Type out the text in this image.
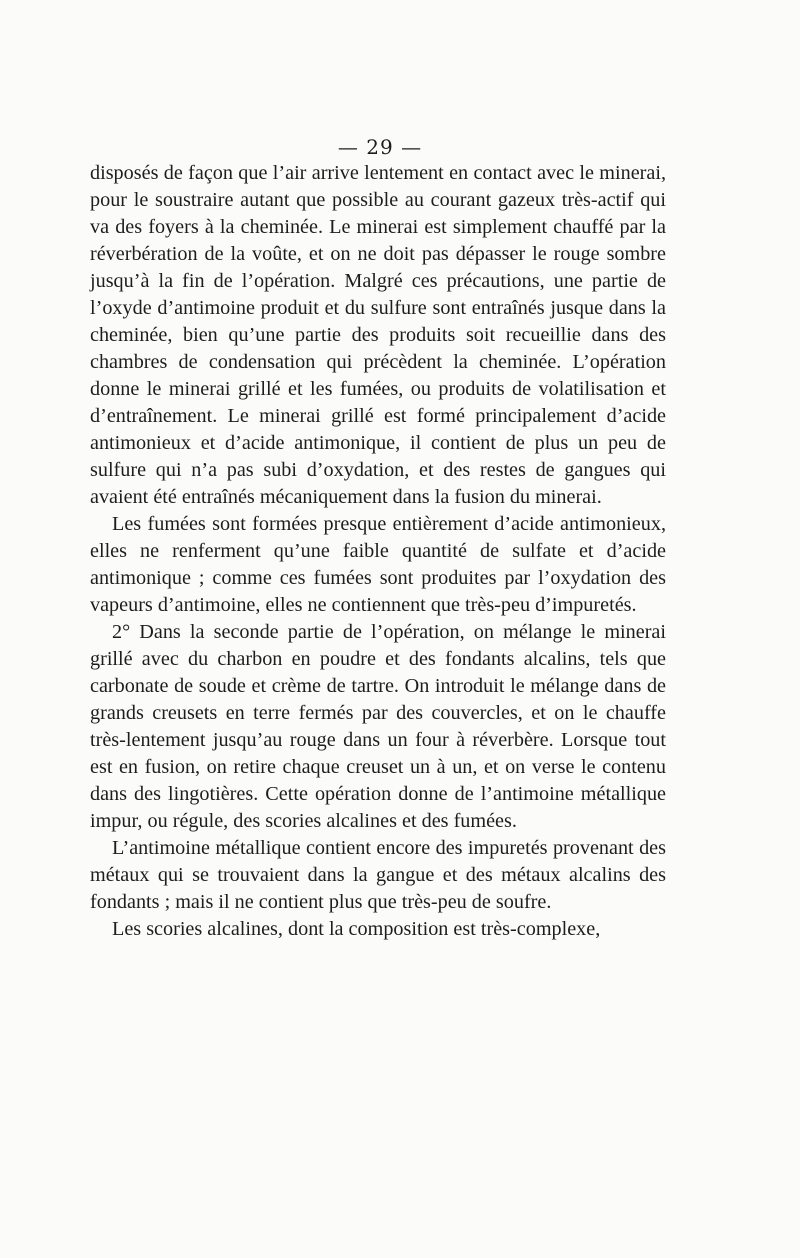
— 29 —

disposés de façon que l’air arrive lentement en contact avec le minerai, pour le soustraire autant que possible au courant gazeux très-actif qui va des foyers à la cheminée. Le minerai est simplement chauffé par la réverbération de la voûte, et on ne doit pas dépasser le rouge sombre jusqu’à la fin de l’opération. Malgré ces précautions, une partie de l’oxyde d’antimoine produit et du sulfure sont entraînés jusque dans la cheminée, bien qu’une partie des produits soit recueillie dans des chambres de condensation qui précèdent la cheminée. L’opération donne le minerai grillé et les fumées, ou produits de volatilisation et d’entraînement. Le minerai grillé est formé principalement d’acide antimonieux et d’acide antimonique, il contient de plus un peu de sulfure qui n’a pas subi d’oxydation, et des restes de gangues qui avaient été entraînés mécaniquement dans la fusion du minerai.

Les fumées sont formées presque entièrement d’acide antimonieux, elles ne renferment qu’une faible quantité de sulfate et d’acide antimonique ; comme ces fumées sont produites par l’oxydation des vapeurs d’antimoine, elles ne contiennent que très-peu d’impuretés.

2° Dans la seconde partie de l’opération, on mélange le minerai grillé avec du charbon en poudre et des fondants alcalins, tels que carbonate de soude et crème de tartre. On introduit le mélange dans de grands creusets en terre fermés par des couvercles, et on le chauffe très-lentement jusqu’au rouge dans un four à réverbère. Lorsque tout est en fusion, on retire chaque creuset un à un, et on verse le contenu dans des lingotières. Cette opération donne de l’antimoine métallique impur, ou régule, des scories alcalines et des fumées.

L’antimoine métallique contient encore des impuretés provenant des métaux qui se trouvaient dans la gangue et des métaux alcalins des fondants ; mais il ne contient plus que très-peu de soufre.

Les scories alcalines, dont la composition est très-complexe,
